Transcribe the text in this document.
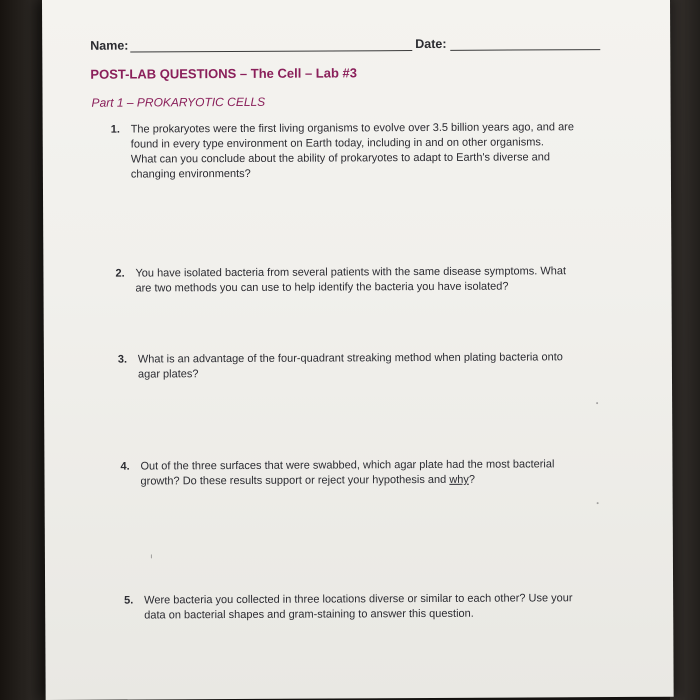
Name:	Date:
POST-LAB QUESTIONS – The Cell – Lab #3
Part 1 – PROKARYOTIC CELLS
1. The prokaryotes were the first living organisms to evolve over 3.5 billion years ago, and are
found in every type environment on Earth today, including in and on other organisms.
What can you conclude about the ability of prokaryotes to adapt to Earth's diverse and
changing environments?
2. You have isolated bacteria from several patients with the same disease symptoms. What
are two methods you can use to help identify the bacteria you have isolated?
3. What is an advantage of the four-quadrant streaking method when plating bacteria onto
agar plates?
4. Out of the three surfaces that were swabbed, which agar plate had the most bacterial
growth? Do these results support or reject your hypothesis and why?
5. Were bacteria you collected in three locations diverse or similar to each other? Use your
data on bacterial shapes and gram-staining to answer this question.
